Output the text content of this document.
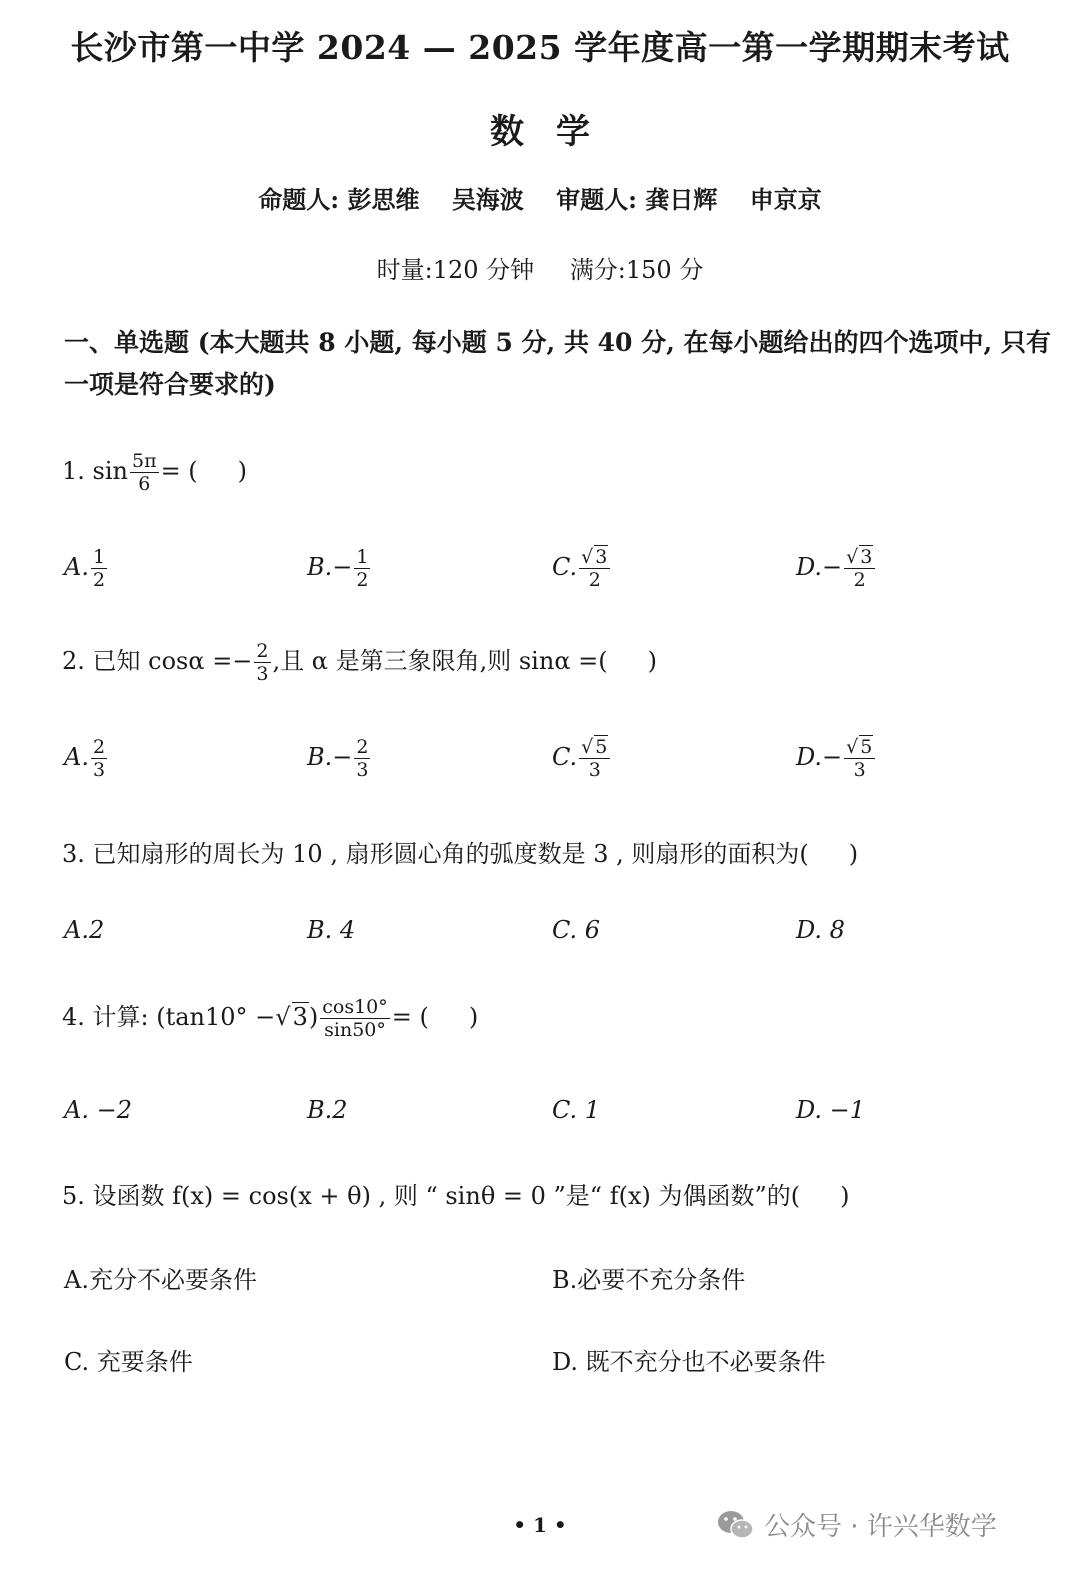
长沙市第一中学 2024 — 2025 学年度高一第一学期期末考试
数 学
命题人: 彭思维 吴海波 审题人: 龚日辉 申京京
时量:120 分钟 满分:150 分
一、单选题 (本大题共 8 小题, 每小题 5 分, 共 40 分, 在每小题给出的四个选项中, 只有一项是符合要求的)
1. $\sin \frac{5\pi}{6}$ = ( )
A. $\frac{1}{2}$	$B.- \frac{1}{2}$	C. $\frac{√ 3}{2}$	$D.- \frac{√ 3}{2}$
2. 已知 $\cos\alpha =- \frac{2}{3}$ ,且 α 是第三象限角,则 sinα =( )
A. $\frac{2}{3}$	$B.- \frac{2}{3}$	C. $\frac{√ 5}{3}$	$D.- \frac{√ 5}{3}$
3. 已知扇形的周长为 10 , 扇形圆心角的弧度数是 3 , 则扇形的面积为( )
A.2	B. 4	C. 6	D. 8
4. 计算: $(\tan 10^\circ -√3) \frac{\cos 10^\circ}{\sin 50^\circ}$ = ( )
A. −2	B.2	C. 1	D. −1
5. 设函数 f(x) = cos(x + θ) , 则 “ sinθ = 0 ”是“ f(x) 为偶函数”的( )
A.充分不必要条件	B.必要不充分条件
C. 充要条件	D. 既不充分也不必要条件
• 1 •	公众号 · 许兴华数学
